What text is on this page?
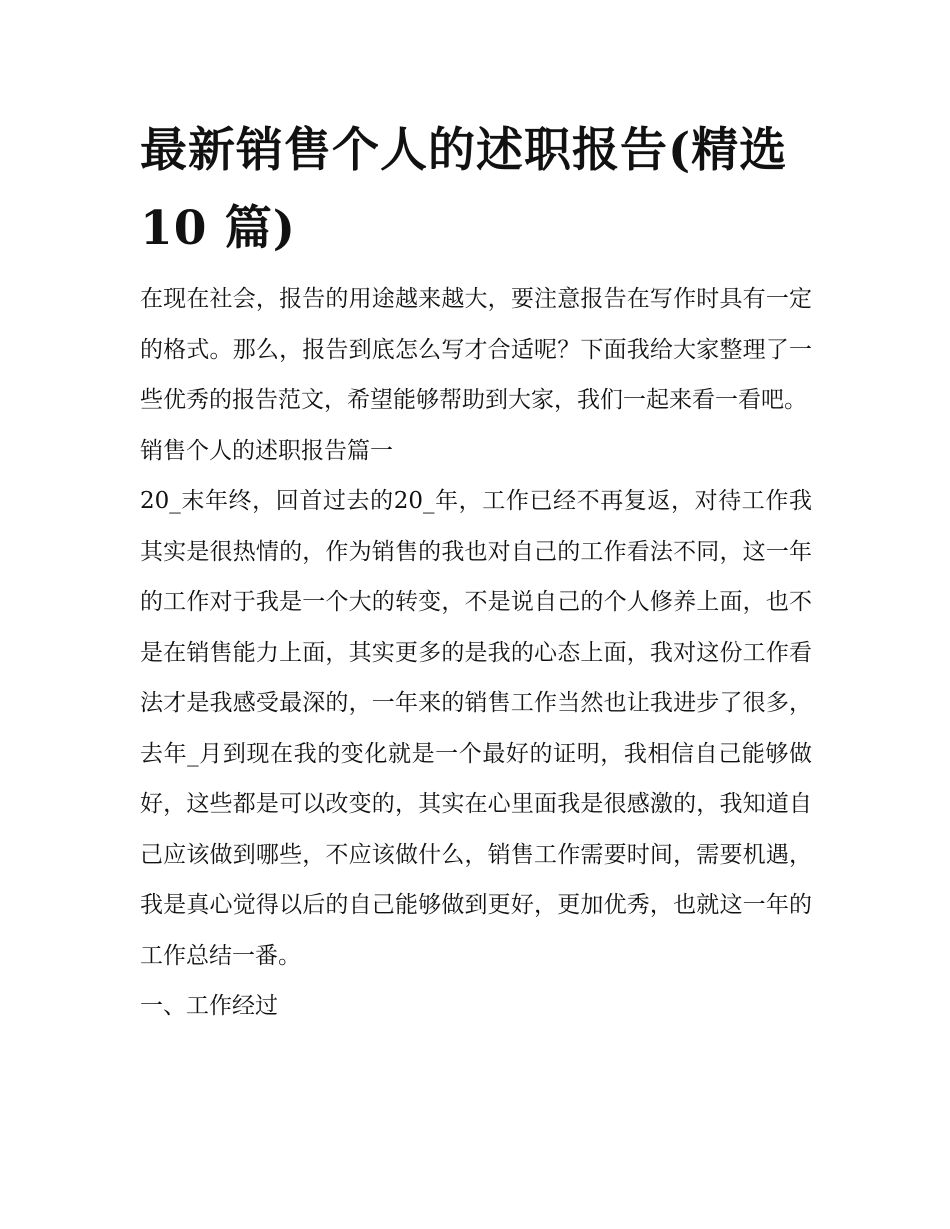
最新销售个人的述职报告(精选 10 篇)

在现在社会，报告的用途越来越大，要注意报告在写作时具有一定的格式。那么，报告到底怎么写才合适呢？下面我给大家整理了一些优秀的报告范文，希望能够帮助到大家，我们一起来看一看吧。

销售个人的述职报告篇一

20_末年终，回首过去的20_年，工作已经不再复返，对待工作我其实是很热情的，作为销售的我也对自己的工作看法不同，这一年的工作对于我是一个大的转变，不是说自己的个人修养上面，也不是在销售能力上面，其实更多的是我的心态上面，我对这份工作看法才是我感受最深的，一年来的销售工作当然也让我进步了很多，去年_月到现在我的变化就是一个最好的证明，我相信自己能够做好，这些都是可以改变的，其实在心里面我是很感激的，我知道自己应该做到哪些，不应该做什么，销售工作需要时间，需要机遇，我是真心觉得以后的自己能够做到更好，更加优秀，也就这一年的工作总结一番。

一、工作经过
